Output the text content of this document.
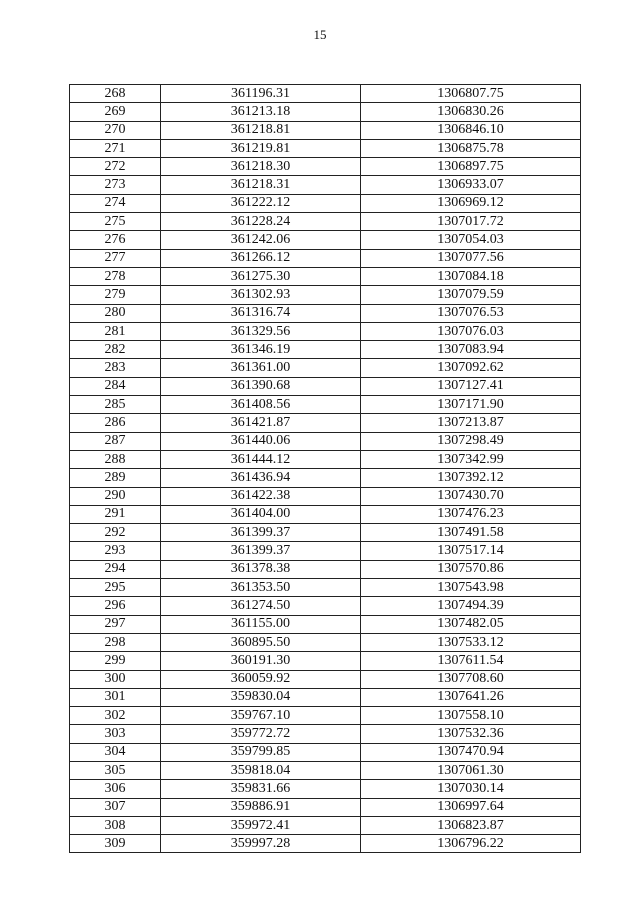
15
268	361196.31	1306807.75
269	361213.18	1306830.26
270	361218.81	1306846.10
271	361219.81	1306875.78
272	361218.30	1306897.75
273	361218.31	1306933.07
274	361222.12	1306969.12
275	361228.24	1307017.72
276	361242.06	1307054.03
277	361266.12	1307077.56
278	361275.30	1307084.18
279	361302.93	1307079.59
280	361316.74	1307076.53
281	361329.56	1307076.03
282	361346.19	1307083.94
283	361361.00	1307092.62
284	361390.68	1307127.41
285	361408.56	1307171.90
286	361421.87	1307213.87
287	361440.06	1307298.49
288	361444.12	1307342.99
289	361436.94	1307392.12
290	361422.38	1307430.70
291	361404.00	1307476.23
292	361399.37	1307491.58
293	361399.37	1307517.14
294	361378.38	1307570.86
295	361353.50	1307543.98
296	361274.50	1307494.39
297	361155.00	1307482.05
298	360895.50	1307533.12
299	360191.30	1307611.54
300	360059.92	1307708.60
301	359830.04	1307641.26
302	359767.10	1307558.10
303	359772.72	1307532.36
304	359799.85	1307470.94
305	359818.04	1307061.30
306	359831.66	1307030.14
307	359886.91	1306997.64
308	359972.41	1306823.87
309	359997.28	1306796.22
